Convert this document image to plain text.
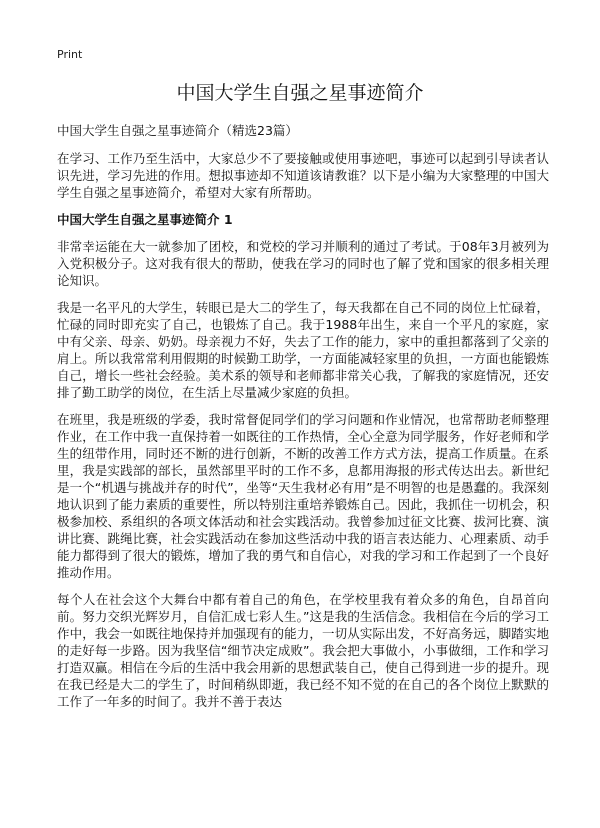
Print
中国大学生自强之星事迹简介

中国大学生自强之星事迹简介（精选23篇）

在学习、工作乃至生活中，大家总少不了要接触或使用事迹吧，事迹可以起到引导读者认识先进，学习先进的作用。想拟事迹却不知道该请教谁？以下是小编为大家整理的中国大学生自强之星事迹简介，希望对大家有所帮助。

中国大学生自强之星事迹简介 1

非常幸运能在大一就参加了团校，和党校的学习并顺利的通过了考试。于08年3月被列为入党积极分子。这对我有很大的帮助，使我在学习的同时也了解了党和国家的很多相关理论知识。

我是一名平凡的大学生，转眼已是大二的学生了，每天我都在自己不同的岗位上忙碌着，忙碌的同时即充实了自己，也锻炼了自己。我于1988年出生，来自一个平凡的家庭，家中有父亲、母亲、奶奶。母亲视力不好，失去了工作的能力，家中的重担都落到了父亲的肩上。所以我常常利用假期的时候勤工助学，一方面能减轻家里的负担，一方面也能锻炼自己，增长一些社会经验。美术系的领导和老师都非常关心我，了解我的家庭情况，还安排了勤工助学的岗位，在生活上尽量减少家庭的负担。

在班里，我是班级的学委，我时常督促同学们的学习问题和作业情况，也常帮助老师整理作业，在工作中我一直保持着一如既往的工作热情，全心全意为同学服务，作好老师和学生的纽带作用，同时还不断的进行创新，不断的改善工作方式方法，提高工作质量。在系里，我是实践部的部长，虽然部里平时的工作不多，息都用海报的形式传达出去。新世纪是一个“机遇与挑战并存的时代”，坐等“天生我材必有用”是不明智的也是愚蠢的。我深刻地认识到了能力素质的重要性，所以特别注重培养锻炼自己。因此，我抓住一切机会，积极参加校、系组织的各项文体活动和社会实践活动。我曾参加过征文比赛、拔河比赛、演讲比赛、跳绳比赛，社会实践活动在参加这些活动中我的语言表达能力、心理素质、动手能力都得到了很大的锻炼，增加了我的勇气和自信心，对我的学习和工作起到了一个良好推动作用。

每个人在社会这个大舞台中都有着自己的角色，在学校里我有着众多的角色，自昂首向前。努力交织光辉岁月，自信汇成七彩人生。”这是我的生活信念。我相信在今后的学习工作中，我会一如既往地保持并加强现有的能力，一切从实际出发，不好高务远，脚踏实地的走好每一步路。因为我坚信“细节决定成败”。我会把大事做小，小事做细，工作和学习打造双赢。相信在今后的生活中我会用新的思想武装自己，使自己得到进一步的提升。现在我已经是大二的学生了，时间稍纵即逝，我已经不知不觉的在自己的各个岗位上默默的工作了一年多的时间了。我并不善于表达
